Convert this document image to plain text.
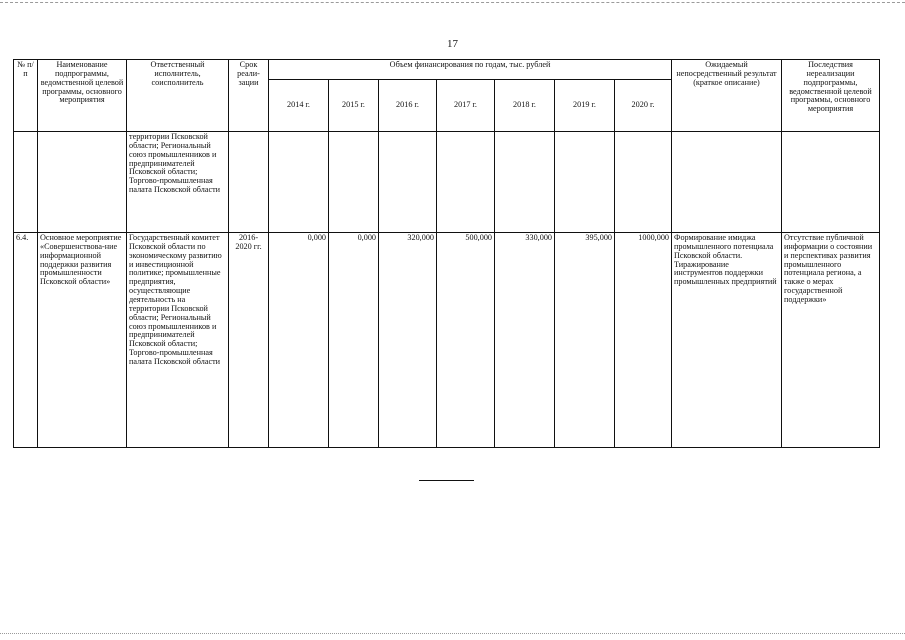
17
№ п/п	Наименование подпрограммы, ведомственной целевой программы, основного мероприятия	Ответственный исполнитель, соисполнитель	Срок реали-зации	Объем финансирования по годам, тыс. рублей							Ожидаемый непосредственный результат (краткое описание)	Последствия нереализации подпрограммы, ведомственной целевой программы, основного мероприятия
				2014 г.	2015 г.	2016 г.	2017 г.	2018 г.	2019 г.	2020 г.		
		территории Псковской области; Региональный союз промышленников и предпринимателей Псковской области; Торгово-промышленная палата Псковской области										
6.4.	Основное мероприятие «Совершенствова-ние информационной поддержки развития промышленности Псковской области»	Государственный комитет Псковской области по экономическому развитию и инвестиционной политике; промышленные предприятия, осуществляющие деятельность на территории Псковской области; Региональный союз промышленников и предпринимателей Псковской области; Торгово-промышленная палата Псковской области	2016-2020 гг.	0,000	0,000	320,000	500,000	330,000	395,000	1000,000	Формирование имиджа промышленного потенциала Псковской области. Тиражирование инструментов поддержки промышленных предприятий	Отсутствие публичной информации о состоянии и перспективах развития промышленного потенциала региона, а также о мерах государственной поддержки»
